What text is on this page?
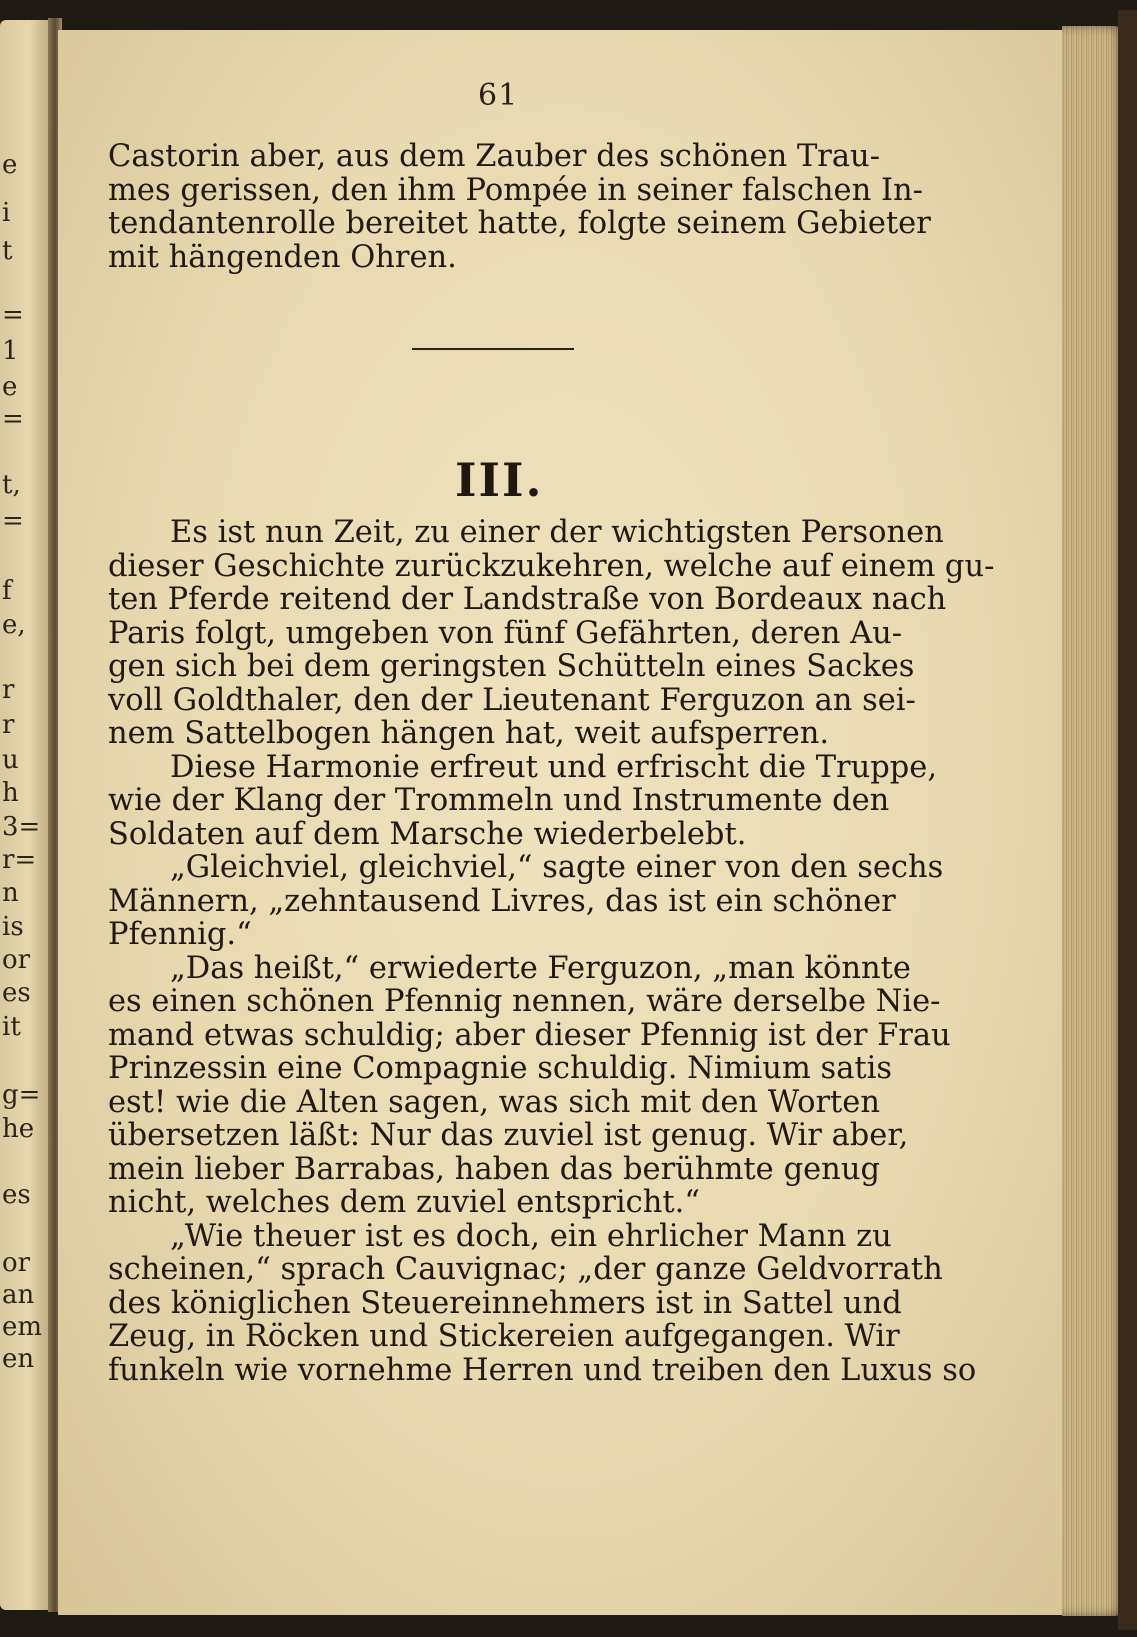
e
i
t
=
1
e
=
t,
=
f
e,
r
r
u
h
3=
r=
n
is
or
es
it
g=
he
es
or
an
em
en
61
Castorin aber, aus dem Zauber des schönen Trau-
mes gerissen, den ihm Pompée in seiner falschen In-
tendantenrolle bereitet hatte, folgte seinem Gebieter
mit hängenden Ohren.
III.
Es ist nun Zeit, zu einer der wichtigsten Personen
dieser Geschichte zurückzukehren, welche auf einem gu-
ten Pferde reitend der Landstraße von Bordeaux nach
Paris folgt, umgeben von fünf Gefährten, deren Au-
gen sich bei dem geringsten Schütteln eines Sackes
voll Goldthaler, den der Lieutenant Ferguzon an sei-
nem Sattelbogen hängen hat, weit aufsperren.
Diese Harmonie erfreut und erfrischt die Truppe,
wie der Klang der Trommeln und Instrumente den
Soldaten auf dem Marsche wiederbelebt.
„Gleichviel, gleichviel,“ sagte einer von den sechs
Männern, „zehntausend Livres, das ist ein schöner
Pfennig.“
„Das heißt,“ erwiederte Ferguzon, „man könnte
es einen schönen Pfennig nennen, wäre derselbe Nie-
mand etwas schuldig; aber dieser Pfennig ist der Frau
Prinzessin eine Compagnie schuldig. Nimium satis
est! wie die Alten sagen, was sich mit den Worten
übersetzen läßt: Nur das zuviel ist genug. Wir aber,
mein lieber Barrabas, haben das berühmte genug
nicht, welches dem zuviel entspricht.“
„Wie theuer ist es doch, ein ehrlicher Mann zu
scheinen,“ sprach Cauvignac; „der ganze Geldvorrath
des königlichen Steuereinnehmers ist in Sattel und
Zeug, in Röcken und Stickereien aufgegangen. Wir
funkeln wie vornehme Herren und treiben den Luxus so
